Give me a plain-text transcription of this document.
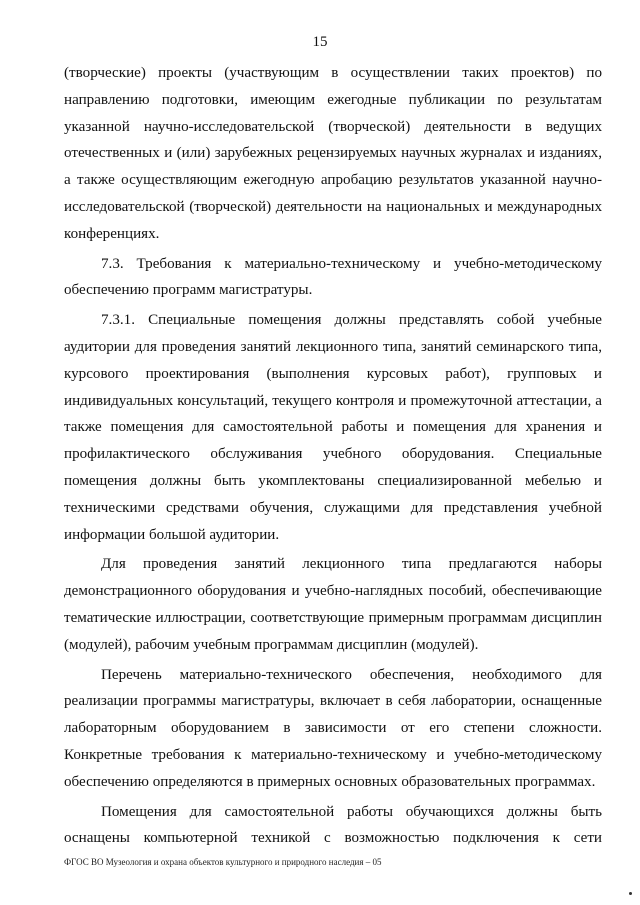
15

(творческие) проекты (участвующим в осуществлении таких проектов) по направлению подготовки, имеющим ежегодные публикации по результатам указанной научно-исследовательской (творческой) деятельности в ведущих отечественных и (или) зарубежных рецензируемых научных журналах и изданиях, а также осуществляющим ежегодную апробацию результатов указанной научно-исследовательской (творческой) деятельности на национальных и международных конференциях.

7.3. Требования к материально-техническому и учебно-методическому обеспечению программ магистратуры.

7.3.1. Специальные помещения должны представлять собой учебные аудитории для проведения занятий лекционного типа, занятий семинарского типа, курсового проектирования (выполнения курсовых работ), групповых и индивидуальных консультаций, текущего контроля и промежуточной аттестации, а также помещения для самостоятельной работы и помещения для хранения и профилактического обслуживания учебного оборудования. Специальные помещения должны быть укомплектованы специализированной мебелью и техническими средствами обучения, служащими для представления учебной информации большой аудитории.

Для проведения занятий лекционного типа предлагаются наборы демонстрационного оборудования и учебно-наглядных пособий, обеспечивающие тематические иллюстрации, соответствующие примерным программам дисциплин (модулей), рабочим учебным программам дисциплин (модулей).

Перечень материально-технического обеспечения, необходимого для реализации программы магистратуры, включает в себя лаборатории, оснащенные лабораторным оборудованием в зависимости от его степени сложности. Конкретные требования к материально-техническому и учебно-методическому обеспечению определяются в примерных основных образовательных программах.

Помещения для самостоятельной работы обучающихся должны быть оснащены компьютерной техникой с возможностью подключения к сети

ФГОС ВО Музеология и охрана объектов культурного и природного наследия – 05
